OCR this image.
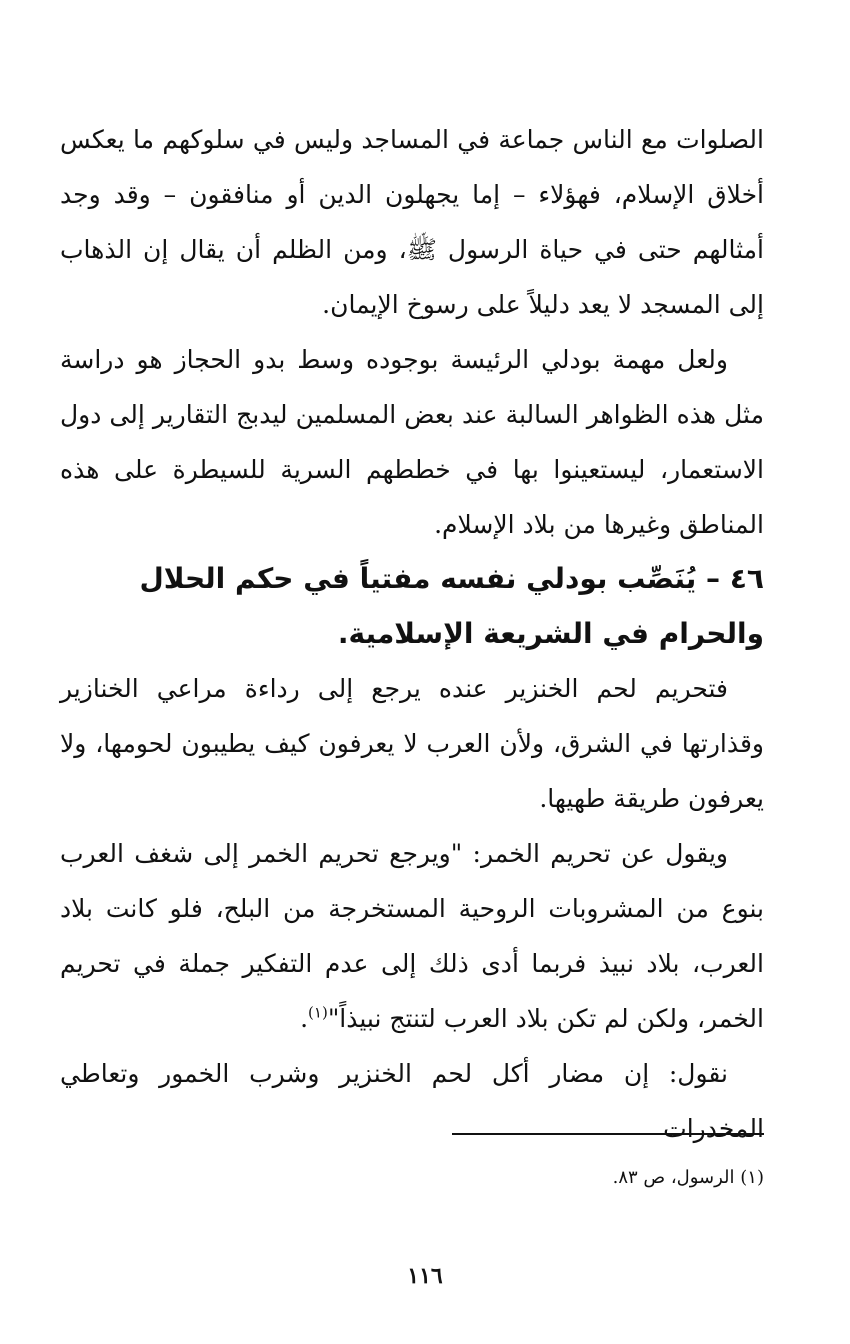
الصلوات مع الناس جماعة في المساجد وليس في سلوكهم ما يعكس أخلاق الإسلام، فهؤلاء – إما يجهلون الدين أو منافقون – وقد وجد أمثالهم حتى في حياة الرسول ﷺ، ومن الظلم أن يقال إن الذهاب إلى المسجد لا يعد دليلاً على رسوخ الإيمان.

ولعل مهمة بودلي الرئيسة بوجوده وسط بدو الحجاز هو دراسة مثل هذه الظواهر السالبة عند بعض المسلمين ليدبج التقارير إلى دول الاستعمار، ليستعينوا بها في خططهم السرية للسيطرة على هذه المناطق وغيرها من بلاد الإسلام.

٤٦ – يُنَصِّب بودلي نفسه مفتياً في حكم الحلال والحرام في الشريعة الإسلامية.

فتحريم لحم الخنزير عنده يرجع إلى رداءة مراعي الخنازير وقذارتها في الشرق، ولأن العرب لا يعرفون كيف يطيبون لحومها، ولا يعرفون طريقة طهيها.

ويقول عن تحريم الخمر: "ويرجع تحريم الخمر إلى شغف العرب بنوع من المشروبات الروحية المستخرجة من البلح، فلو كانت بلاد العرب، بلاد نبيذ فربما أدى ذلك إلى عدم التفكير جملة في تحريم الخمر، ولكن لم تكن بلاد العرب لتنتج نبيذاً"$^{(١)}$.

نقول: إن مضار أكل لحم الخنزير وشرب الخمور وتعاطي المخدرات

(١) الرسول، ص ٨٣.

١١٦
